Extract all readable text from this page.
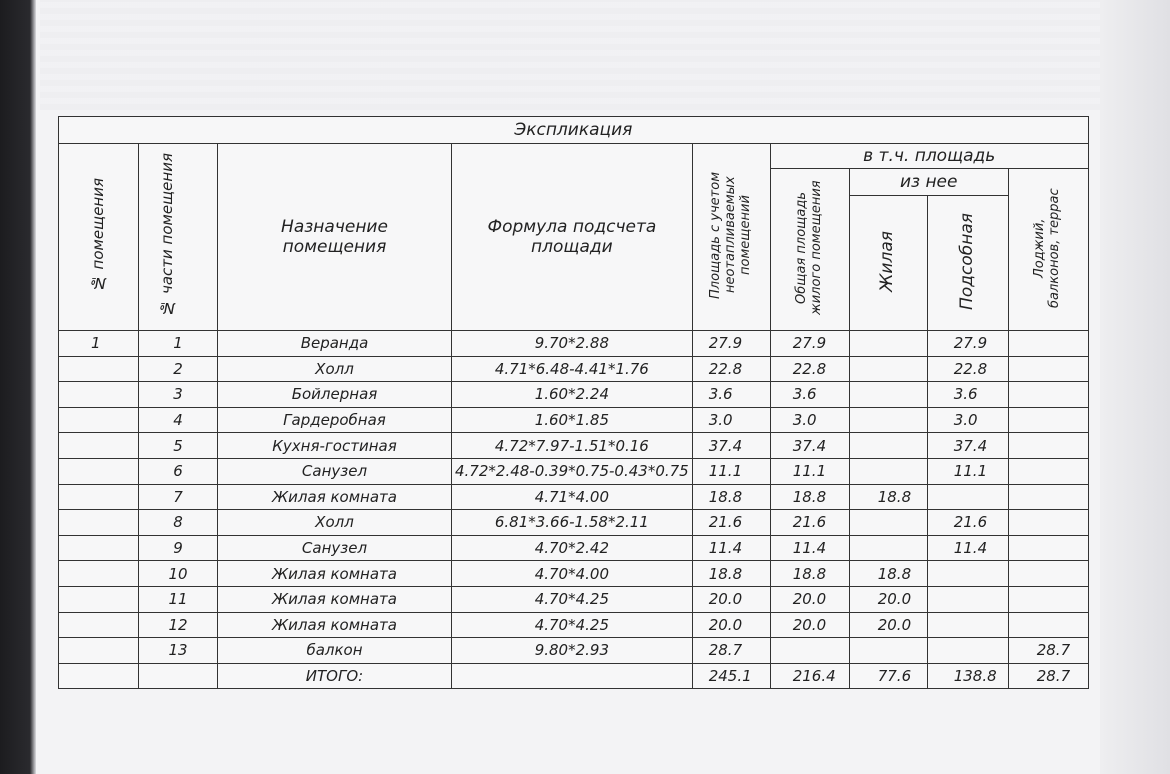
Экспликация								
№ помещения	№ части помещения	Назначение помещения	Формула подсчета площади	Площадь с учетом неотапливаемых помещений	в т.ч. площадь			
					Общая площадь жилого помещения	из нее		Лоджий, балконов, террас
						Жилая	Подсобная	
1	1	Веранда	9.70*2.88	27.9	27.9		27.9	
	2	Холл	4.71*6.48-4.41*1.76	22.8	22.8		22.8	
	3	Бойлерная	1.60*2.24	3.6	3.6		3.6	
	4	Гардеробная	1.60*1.85	3.0	3.0		3.0	
	5	Кухня-гостиная	4.72*7.97-1.51*0.16	37.4	37.4		37.4	
	6	Санузел	4.72*2.48-0.39*0.75-0.43*0.75	11.1	11.1		11.1	
	7	Жилая комната	4.71*4.00	18.8	18.8	18.8		
	8	Холл	6.81*3.66-1.58*2.11	21.6	21.6		21.6	
	9	Санузел	4.70*2.42	11.4	11.4		11.4	
	10	Жилая комната	4.70*4.00	18.8	18.8	18.8		
	11	Жилая комната	4.70*4.25	20.0	20.0	20.0		
	12	Жилая комната	4.70*4.25	20.0	20.0	20.0		
	13	балкон	9.80*2.93	28.7				28.7
		ИТОГО:		245.1	216.4	77.6	138.8	28.7
